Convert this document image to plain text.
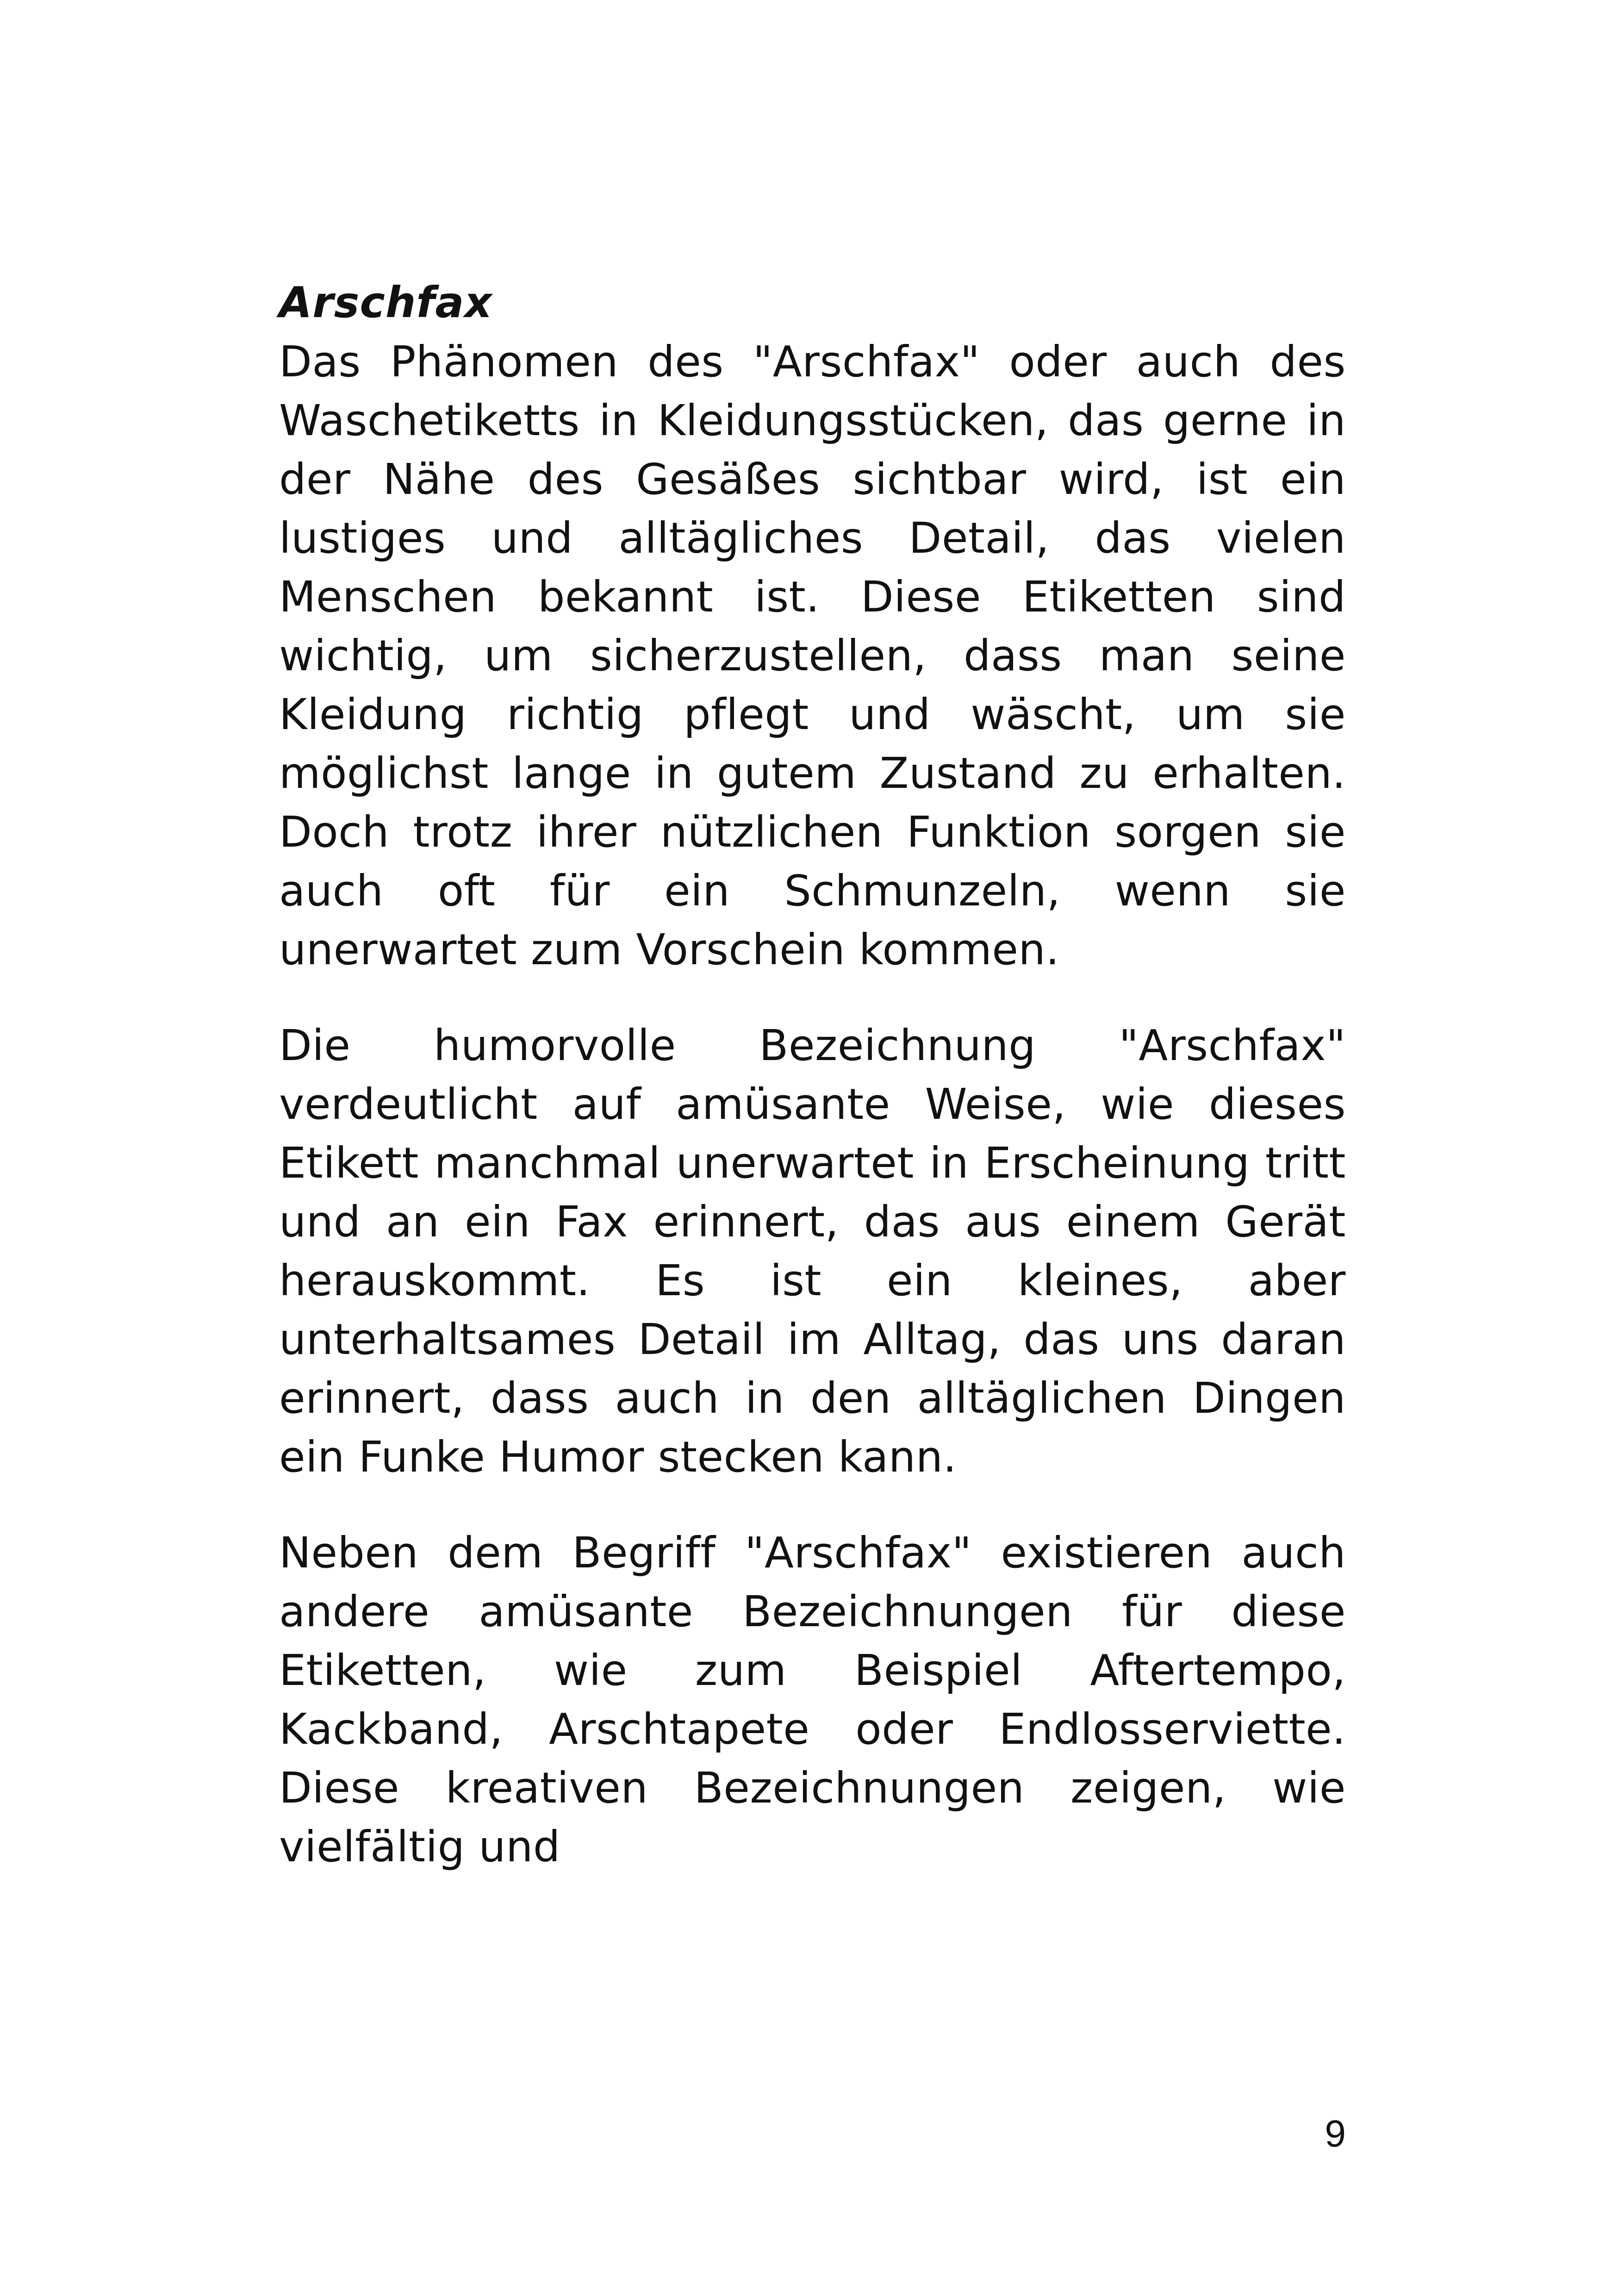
Arschfax

Das Phänomen des "Arschfax" oder auch des Waschetiketts in Kleidungsstücken, das gerne in der Nähe des Gesäßes sichtbar wird, ist ein lustiges und alltägliches Detail, das vielen Menschen bekannt ist. Diese Etiketten sind wichtig, um sicherzustellen, dass man seine Kleidung richtig pflegt und wäscht, um sie möglichst lange in gutem Zustand zu erhalten. Doch trotz ihrer nützlichen Funktion sorgen sie auch oft für ein Schmunzeln, wenn sie unerwartet zum Vorschein kommen.

Die humorvolle Bezeichnung "Arschfax" verdeutlicht auf amüsante Weise, wie dieses Etikett manchmal unerwartet in Erscheinung tritt und an ein Fax erinnert, das aus einem Gerät herauskommt. Es ist ein kleines, aber unterhaltsames Detail im Alltag, das uns daran erinnert, dass auch in den alltäglichen Dingen ein Funke Humor stecken kann.

Neben dem Begriff "Arschfax" existieren auch andere amüsante Bezeichnungen für diese Etiketten, wie zum Beispiel Aftertempo, Kackband, Arschtapete oder Endlosserviette. Diese kreativen Bezeichnungen zeigen, wie vielfältig und

9
